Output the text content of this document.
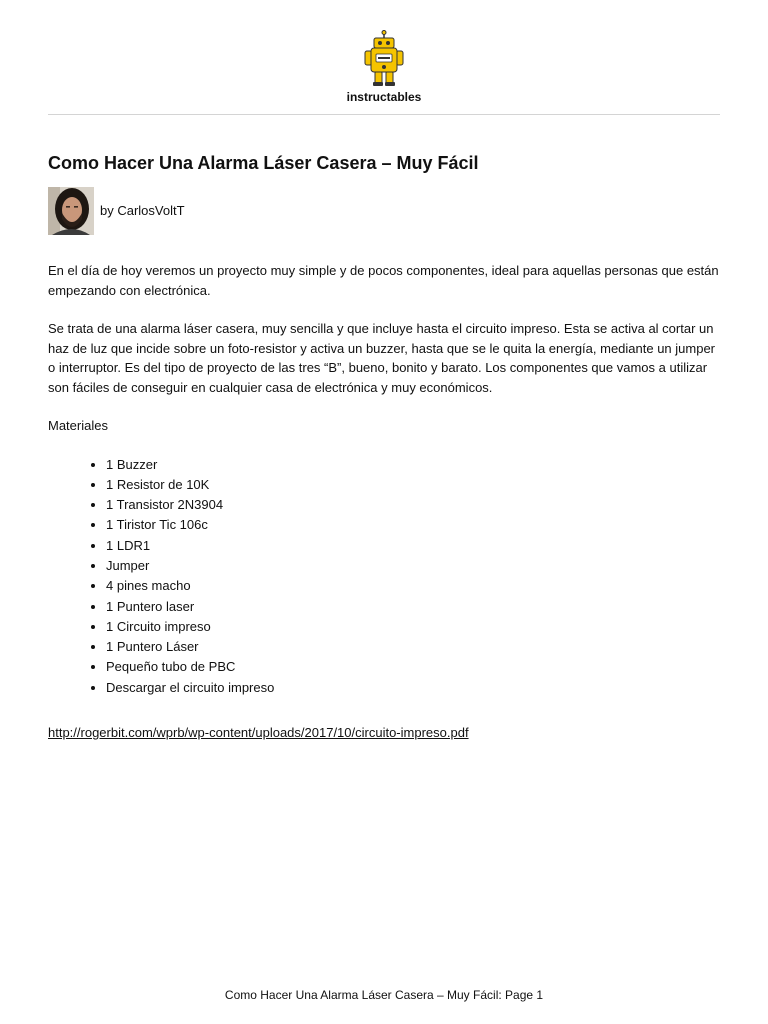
instructables
Como Hacer Una Alarma Láser Casera – Muy Fácil
by CarlosVoltT

En el día de hoy veremos un proyecto muy simple y de pocos componentes, ideal para aquellas personas que están empezando con electrónica.

Se trata de una alarma láser casera, muy sencilla y que incluye hasta el circuito impreso. Esta se activa al cortar un haz de luz que incide sobre un foto-resistor y activa un buzzer, hasta que se le quita la energía, mediante un jumper o interruptor. Es del tipo de proyecto de las tres “B”, bueno, bonito y barato. Los componentes que vamos a utilizar son fáciles de conseguir en cualquier casa de electrónica y muy económicos.

Materiales

• 1 Buzzer
• 1 Resistor de 10K
• 1 Transistor 2N3904
• 1 Tiristor Tic 106c
• 1 LDR1
• Jumper
• 4 pines macho
• 1 Puntero laser
• 1 Circuito impreso
• 1 Puntero Láser
• Pequeño tubo de PBC
• Descargar el circuito impreso
http://rogerbit.com/wprb/wp-content/uploads/2017/10/circuito-impreso.pdf
Como Hacer Una Alarma Láser Casera – Muy Fácil: Page 1
